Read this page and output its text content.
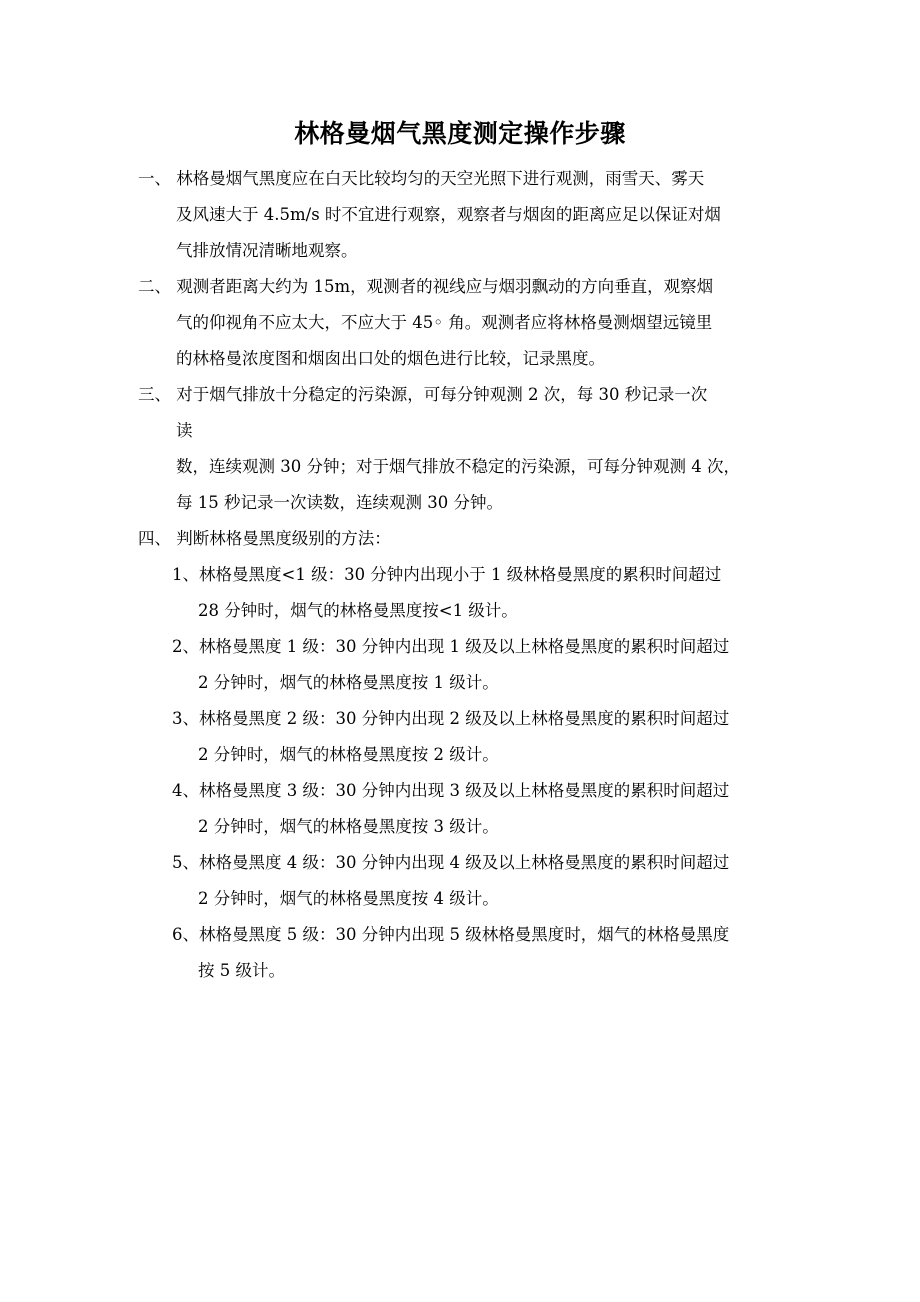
林格曼烟气黑度测定操作步骤
一、 林格曼烟气黑度应在白天比较均匀的天空光照下进行观测，雨雪天、雾天
及风速大于 4.5m/s 时不宜进行观察，观察者与烟囱的距离应足以保证对烟
气排放情况清晰地观察。
二、 观测者距离大约为 15m，观测者的视线应与烟羽飘动的方向垂直，观察烟
气的仰视角不应太大，不应大于 45◦ 角。观测者应将林格曼测烟望远镜里
的林格曼浓度图和烟囱出口处的烟色进行比较，记录黑度。
三、 对于烟气排放十分稳定的污染源，可每分钟观测 2 次，每 30 秒记录一次
读
数，连续观测 30 分钟；对于烟气排放不稳定的污染源，可每分钟观测 4 次，
每 15 秒记录一次读数，连续观测 30 分钟。
四、 判断林格曼黑度级别的方法：
1、林格曼黑度<1 级：30 分钟内出现小于 1 级林格曼黑度的累积时间超过
28 分钟时，烟气的林格曼黑度按<1 级计。
2、林格曼黑度 1 级：30 分钟内出现 1 级及以上林格曼黑度的累积时间超过
2 分钟时，烟气的林格曼黑度按 1 级计。
3、林格曼黑度 2 级：30 分钟内出现 2 级及以上林格曼黑度的累积时间超过
2 分钟时，烟气的林格曼黑度按 2 级计。
4、林格曼黑度 3 级：30 分钟内出现 3 级及以上林格曼黑度的累积时间超过
2 分钟时，烟气的林格曼黑度按 3 级计。
5、林格曼黑度 4 级：30 分钟内出现 4 级及以上林格曼黑度的累积时间超过
2 分钟时，烟气的林格曼黑度按 4 级计。
6、林格曼黑度 5 级：30 分钟内出现 5 级林格曼黑度时，烟气的林格曼黑度
按 5 级计。
